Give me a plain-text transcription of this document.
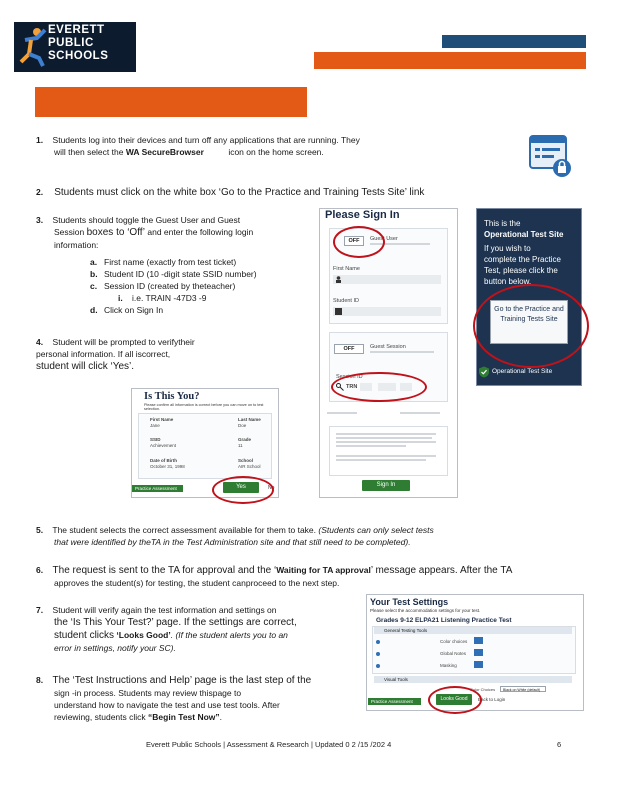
EVERETT
PUBLIC
SCHOOLS
1. Students log into their devices and turn off any applications that are running. They
will then select the WA SecureBrowser	icon on the home screen.
2. Students must click on the white box ‘Go to the Practice and Training Tests Site’ link
3. Students should toggle the Guest User and Guest
Session boxes to ‘Off’ and enter the following login
information:
a. First name (exactly from test ticket)
b. Student ID (10 -digit state SSID number)
c. Session ID (created by theteacher)
i. i.e. TRAIN -47D3 -9
d. Click on Sign In
4. Student will be prompted to verifytheir
personal information. If all iscorrect,
student will click ‘Yes’.
Please Sign In
OFF	Guest User
First Name
Student ID
OFF	Guest Session
Session ID
TRN
Sign In
This is the
Operational Test Site
If you wish to
complete the Practice
Test, please click the
button below.
Go to the Practice and Training Tests Site
Operational Test Site
Is This You?
Please confirm all information is correct before you can move on to test selection.
First Name
Jane
Last Name
Doe
SSID
Achievement
Grade
11
Date of Birth
October 31, 1998
School
AIR School
Practice Assessment	Yes	No
5. The student selects the correct assessment available for them to take. (Students can only select tests
that were identified by theTA in the Test Administration site and that still need to be completed).
6. The request is sent to the TA for approval and the ‘Waiting for TA approval’ message appears. After the TA
approves the student(s) for testing, the student canproceed to the next step.
7. Student will verify again the test information and settings on
the ‘Is This Your Test?’ page. If the settings are correct,
student clicks ‘Looks Good’. (If the student alerts you to an
error in settings, notify your SC).
8. The ‘Test Instructions and Help’ page is the last step of the
sign -in process. Students may review thispage to
understand how to navigate the test and use test tools. After
reviewing, students click “Begin Test Now”.
Your Test Settings
Please select the accommodation settings for your test.
Grades 9-12 ELPA21 Listening Practice Test
General Testing Tools
Color choices
Global Notes
Masking
Visual Tools
Color Choices	Black on White (default)
Practice Assessment	Looks Good	Back to Login
Everett Public Schools | Assessment & Research | Updated 0 2 /15 /202 4	6
